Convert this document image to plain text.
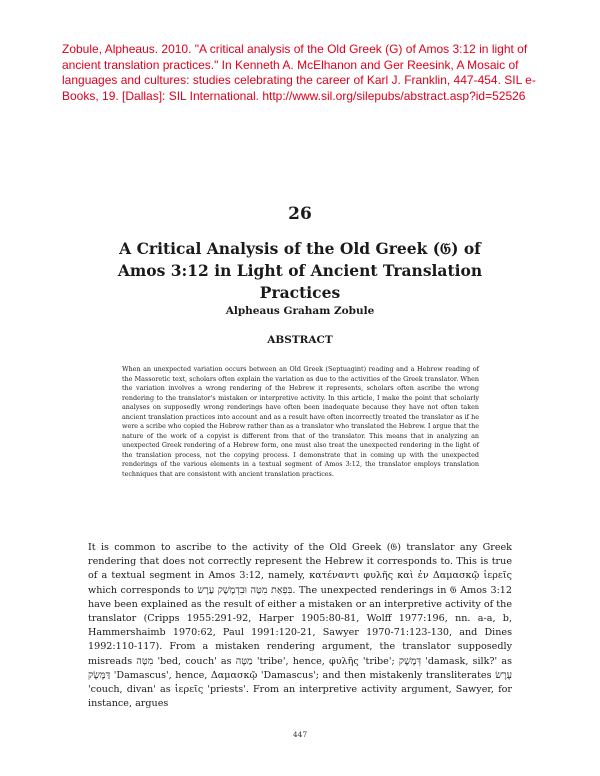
Zobule, Alpheaus. 2010. "A critical analysis of the Old Greek (G) of Amos 3:12 in light of ancient translation practices." In Kenneth A. McElhanon and Ger Reesink, A Mosaic of languages and cultures: studies celebrating the career of Karl J. Franklin, 447-454. SIL e-Books, 19. [Dallas]: SIL International. http://www.sil.org/silepubs/abstract.asp?id=52526
26
A Critical Analysis of the Old Greek (𝔊) of Amos 3:12 in Light of Ancient Translation Practices
Alpheaus Graham Zobule
ABSTRACT
When an unexpected variation occurs between an Old Greek (Septuagint) reading and a Hebrew reading of the Massoretic text, scholars often explain the variation as due to the activities of the Greek translator. When the variation involves a wrong rendering of the Hebrew it represents, scholars often ascribe the wrong rendering to the translator's mistaken or interpretive activity. In this article, I make the point that scholarly analyses on supposedly wrong renderings have often been inadequate because they have not often taken ancient translation practices into account and as a result have often incorrectly treated the translator as if he were a scribe who copied the Hebrew rather than as a translator who translated the Hebrew. I argue that the nature of the work of a copyist is different from that of the translator. This means that in analyzing an unexpected Greek rendering of a Hebrew form, one must also treat the unexpected rendering in the light of the translation process, not the copying process. I demonstrate that in coming up with the unexpected renderings of the various elements in a textual segment of Amos 3:12, the translator employs translation techniques that are consistent with ancient translation practices.
It is common to ascribe to the activity of the Old Greek (𝔊) translator any Greek rendering that does not correctly represent the Hebrew it corresponds to. This is true of a textual segment in Amos 3:12, namely, κατέναντι φυλῆς καὶ ἐν Δαμασκῷ ἱερεῖς which corresponds to בִּפְאַת מִטָּה וּבִדְמֶשֶׁק עָרֶשׂ. The unexpected renderings in 𝔊 Amos 3:12 have been explained as the result of either a mistaken or an interpretive activity of the translator (Cripps 1955:291-92, Harper 1905:80-81, Wolff 1977:196, nn. a-a, b, Hammershaimb 1970:62, Paul 1991:120-21, Sawyer 1970-71:123-130, and Dines 1992:110-117). From a mistaken rendering argument, the translator supposedly misreads מִטָּה 'bed, couch' as מַטֶּה 'tribe', hence, φυλῆς 'tribe'; דְּמֶשֶׁק 'damask, silk?' as דַּמֶּשֶׂק 'Damascus', hence, Δαμασκῷ 'Damascus'; and then mistakenly transliterates עֶרֶשׂ 'couch, divan' as ἱερεῖς 'priests'. From an interpretive activity argument, Sawyer, for instance, argues
447
